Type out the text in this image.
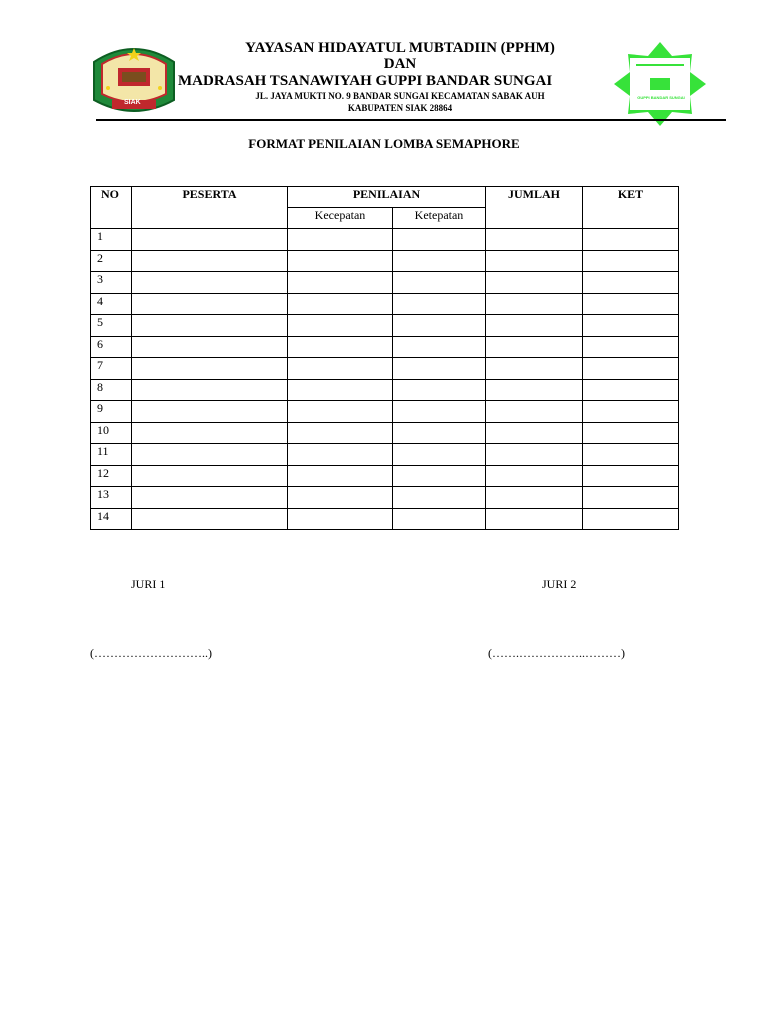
SIAK
YAYASAN HIDAYATUL MUBTADIIN (PPHM)
DAN
MADRASAH TSANAWIYAH GUPPI BANDAR SUNGAI
JL. JAYA MUKTI NO. 9 BANDAR SUNGAI KECAMATAN SABAK AUH
KABUPATEN SIAK 28864
GUPPI BANDAR SUNGAI
FORMAT PENILAIAN LOMBA SEMAPHORE
NO	PESERTA	PENILAIAN		JUMLAH	KET
		Kecepatan	Ketepatan		
1					
2					
3					
4					
5					
6					
7					
8					
9					
10					
11					
12					
13					
14					
JURI 1	JURI 2
(………………………..)	(…….……………..………)
